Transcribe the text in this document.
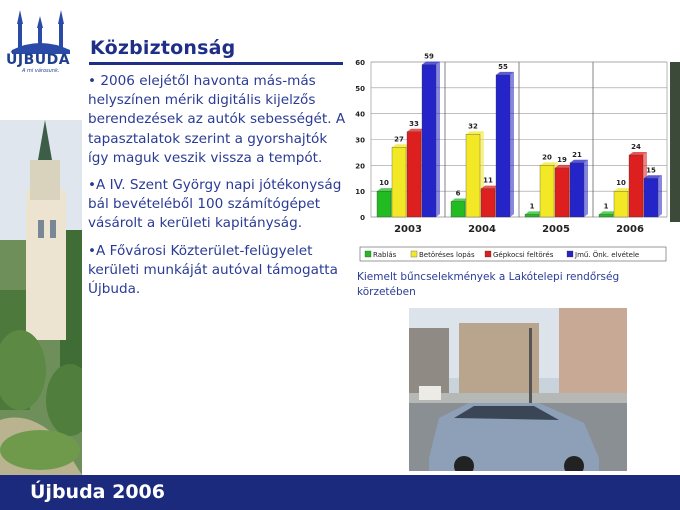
ÚJBUDA
A mi városunk.
Közbiztonság

• 2006 elejétől havonta más-más helyszínen mérik digitális kijelzős berendezések az autók sebességét. A tapasztalatok szerint a gyorshajtók így maguk veszik vissza a tempót.

•A IV. Szent György napi jótékonyság bál bevételéből 100 számítógépet vásárolt a kerületi kapitányság.

•A Fővárosi Közterület-felügyelet kerületi munkáját autóval támogatta Újbuda.

0
10
20
30
40
50
60
10
27
33
59
2003
6
32
11
55
2004
1
20 19
21
2005
1
10
24
15
2006
Rablás	Betöréses lopás	Gépkocsi feltörés	Jmű. Önk. elvétele
Kiemelt bűncselekmények a Lakótelepi rendőrség körzetében
Újbuda 2006
